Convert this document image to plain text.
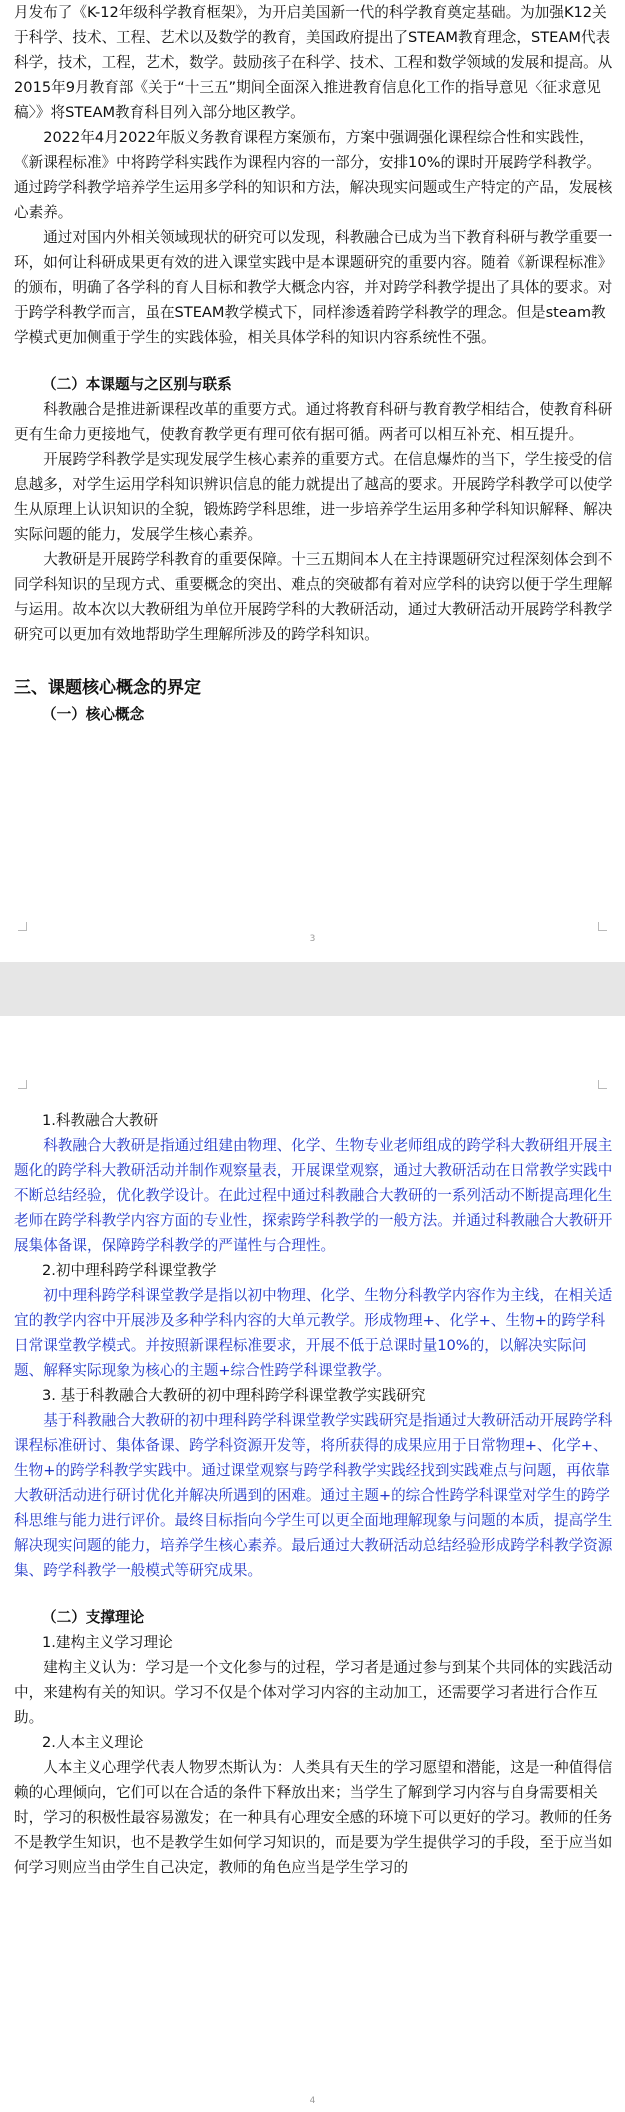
月发布了《K-12年级科学教育框架》，为开启美国新一代的科学教育奠定基础。为加强K12关于科学、技术、工程、艺术以及数学的教育，美国政府提出了STEAM教育理念，STEAM代表科学，技术，工程，艺术，数学。鼓励孩子在科学、技术、工程和数学领域的发展和提高。从2015年9月教育部《关于“十三五”期间全面深入推进教育信息化工作的指导意见〈征求意见稿〉》将STEAM教育科目列入部分地区教学。

2022年4月2022年版义务教育课程方案颁布，方案中强调强化课程综合性和实践性，《新课程标准》中将跨学科实践作为课程内容的一部分，安排10%的课时开展跨学科教学。通过跨学科教学培养学生运用多学科的知识和方法，解决现实问题或生产特定的产品，发展核心素养。

通过对国内外相关领域现状的研究可以发现，科教融合已成为当下教育科研与教学重要一环，如何让科研成果更有效的进入课堂实践中是本课题研究的重要内容。随着《新课程标准》的颁布，明确了各学科的育人目标和教学大概念内容，并对跨学科教学提出了具体的要求。对于跨学科教学而言，虽在STEAM教学模式下，同样渗透着跨学科教学的理念。但是steam教学模式更加侧重于学生的实践体验，相关具体学科的知识内容系统性不强。

（二）本课题与之区别与联系

科教融合是推进新课程改革的重要方式。通过将教育科研与教育教学相结合，使教育科研更有生命力更接地气，使教育教学更有理可依有据可循。两者可以相互补充、相互提升。

开展跨学科教学是实现发展学生核心素养的重要方式。在信息爆炸的当下，学生接受的信息越多，对学生运用学科知识辨识信息的能力就提出了越高的要求。开展跨学科教学可以使学生从原理上认识知识的全貌，锻炼跨学科思维，进一步培养学生运用多种学科知识解释、解决实际问题的能力，发展学生核心素养。

大教研是开展跨学科教育的重要保障。十三五期间本人在主持课题研究过程深刻体会到不同学科知识的呈现方式、重要概念的突出、难点的突破都有着对应学科的诀窍以便于学生理解与运用。故本次以大教研组为单位开展跨学科的大教研活动，通过大教研活动开展跨学科教学研究可以更加有效地帮助学生理解所涉及的跨学科知识。

三、课题核心概念的界定

（一）核心概念

3

1.科教融合大教研

科教融合大教研是指通过组建由物理、化学、生物专业老师组成的跨学科大教研组开展主题化的跨学科大教研活动并制作观察量表，开展课堂观察，通过大教研活动在日常教学实践中不断总结经验，优化教学设计。在此过程中通过科教融合大教研的一系列活动不断提高理化生老师在跨学科教学内容方面的专业性，探索跨学科教学的一般方法。并通过科教融合大教研开展集体备课，保障跨学科教学的严谨性与合理性。

2.初中理科跨学科课堂教学

初中理科跨学科课堂教学是指以初中物理、化学、生物分科教学内容作为主线，在相关适宜的教学内容中开展涉及多种学科内容的大单元教学。形成物理+、化学+、生物+的跨学科日常课堂教学模式。并按照新课程标准要求，开展不低于总课时量10%的，以解决实际问题、解释实际现象为核心的主题+综合性跨学科课堂教学。

3. 基于科教融合大教研的初中理科跨学科课堂教学实践研究

基于科教融合大教研的初中理科跨学科课堂教学实践研究是指通过大教研活动开展跨学科课程标准研讨、集体备课、跨学科资源开发等，将所获得的成果应用于日常物理+、化学+、生物+的跨学科教学实践中。通过课堂观察与跨学科教学实践经找到实践难点与问题，再依靠大教研活动进行研讨优化并解决所遇到的困难。通过主题+的综合性跨学科课堂对学生的跨学科思维与能力进行评价。最终目标指向今学生可以更全面地理解现象与问题的本质，提高学生解决现实问题的能力，培养学生核心素养。最后通过大教研活动总结经验形成跨学科教学资源集、跨学科教学一般模式等研究成果。

（二）支撑理论

1.建构主义学习理论

建构主义认为：学习是一个文化参与的过程，学习者是通过参与到某个共同体的实践活动中，来建构有关的知识。学习不仅是个体对学习内容的主动加工，还需要学习者进行合作互助。

2.人本主义理论

人本主义心理学代表人物罗杰斯认为：人类具有天生的学习愿望和潜能，这是一种值得信赖的心理倾向，它们可以在合适的条件下释放出来；当学生了解到学习内容与自身需要相关时，学习的积极性最容易激发；在一种具有心理安全感的环境下可以更好的学习。教师的任务不是教学生知识，也不是教学生如何学习知识的，而是要为学生提供学习的手段，至于应当如何学习则应当由学生自己决定，教师的角色应当是学生学习的

4
